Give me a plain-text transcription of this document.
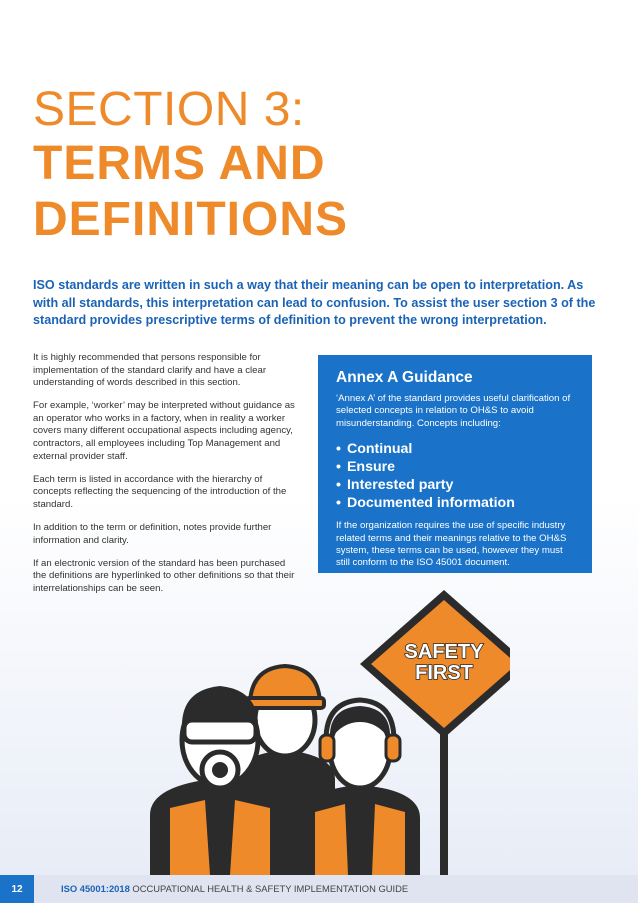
SECTION 3:
TERMS AND
DEFINITIONS

ISO standards are written in such a way that their meaning can be open to interpretation. As with all standards, this interpretation can lead to confusion. To assist the user section 3 of the standard provides prescriptive terms of definition to prevent the wrong interpretation.

It is highly recommended that persons responsible for implementation of the standard clarify and have a clear understanding of words described in this section.

For example, ‘worker’ may be interpreted without guidance as an operator who works in a factory, when in reality a worker covers many different occupational aspects including agency, contractors, all employees including Top Management and external provider staff.

Each term is listed in accordance with the hierarchy of concepts reflecting the sequencing of the introduction of the standard.

In addition to the term or definition, notes provide further information and clarity.

If an electronic version of the standard has been purchased the definitions are hyperlinked to other definitions so that their interrelationships can be seen.

Annex A Guidance

‘Annex A’ of the standard provides useful clarification of selected concepts in relation to OH&S to avoid misunderstanding. Concepts including:

• Continual
• Ensure
• Interested party
• Documented information

If the organization requires the use of specific industry related terms and their meanings relative to the OH&S system, these terms can be used, however they must still conform to the ISO 45001 document.

SAFETY
FIRST
12	ISO 45001:2018 OCCUPATIONAL HEALTH & SAFETY IMPLEMENTATION GUIDE
